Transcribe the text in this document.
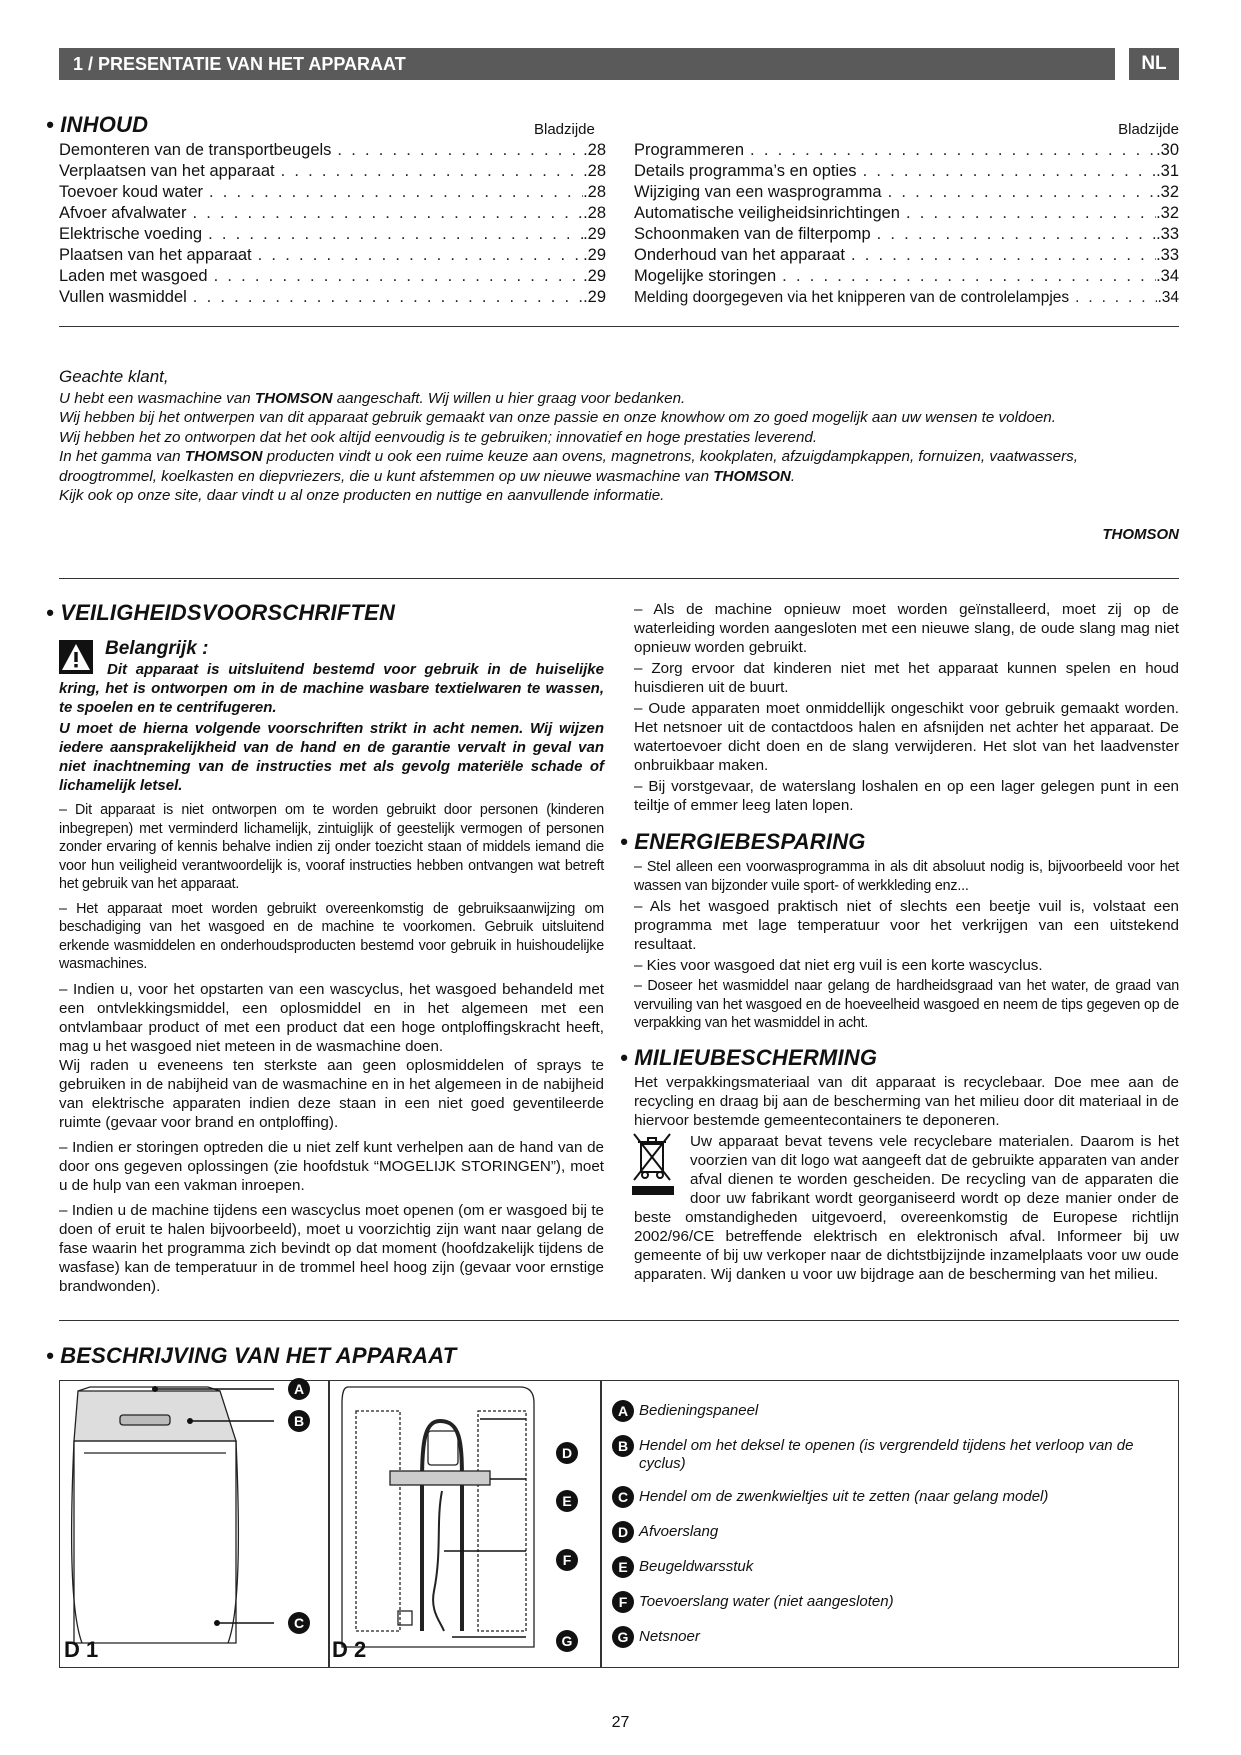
1 / PRESENTATIE VAN HET APPARAAT	NL
• INHOUD	Bladzijde	Bladzijde
Demonteren van de transportbeugels . . .	.28
Verplaatsen van het apparaat . . .	.28
Toevoer koud water . . .	.28
Afvoer afvalwater . . .	.28
Elektrische voeding . . .	.29
Plaatsen van het apparaat . . .	.29
Laden met wasgoed . . .	.29
Vullen wasmiddel . . .	.29
Programmeren . . .	.30
Details programma’s en opties . . .	.31
Wijziging van een wasprogramma . . .	.32
Automatische veiligheidsinrichtingen . . .	.32
Schoonmaken van de filterpomp . . .	.33
Onderhoud van het apparaat . . .	.33
Mogelijke storingen . . .	.34
Melding doorgegeven via het knipperen van de controlelampjes . . .	.34
Geachte klant,

U hebt een wasmachine van THOMSON aangeschaft. Wij willen u hier graag voor bedanken.

Wij hebben bij het ontwerpen van dit apparaat gebruik gemaakt van onze passie en onze knowhow om zo goed mogelijk aan uw wensen te voldoen.

Wij hebben het zo ontworpen dat het ook altijd eenvoudig is te gebruiken; innovatief en hoge prestaties leverend.

In het gamma van THOMSON producten vindt u ook een ruime keuze aan ovens, magnetrons, kookplaten, afzuigdampkappen, fornuizen, vaatwassers, droogtrommel, koelkasten en diepvriezers, die u kunt afstemmen op uw nieuwe wasmachine van THOMSON.

Kijk ook op onze site, daar vindt u al onze producten en nuttige en aanvullende informatie.

THOMSON
• VEILIGHEIDSVOORSCHRIFTEN
Belangrijk :

Dit apparaat is uitsluitend bestemd voor gebruik in de huiselijke kring, het is ontworpen om in de machine wasbare textielwaren te wassen, te spoelen en te centrifugeren.

U moet de hierna volgende voorschriften strikt in acht nemen. Wij wijzen iedere aansprakelijkheid van de hand en de garantie vervalt in geval van niet inachtneming van de instructies met als gevolg materiële schade of lichamelijk letsel.

– Dit apparaat is niet ontworpen om te worden gebruikt door personen (kinderen inbegrepen) met verminderd lichamelijk, zintuiglijk of geestelijk vermogen of personen zonder ervaring of kennis behalve indien zij onder toezicht staan of middels iemand die voor hun veiligheid verantwoordelijk is, vooraf instructies hebben ontvangen wat betreft het gebruik van het apparaat.

– Het apparaat moet worden gebruikt overeenkomstig de gebruiksaanwijzing om beschadiging van het wasgoed en de machine te voorkomen. Gebruik uitsluitend erkende wasmiddelen en onderhoudsproducten bestemd voor gebruik in huishoudelijke wasmachines.

– Indien u, voor het opstarten van een wascyclus, het wasgoed behandeld met een ontvlekkingsmiddel, een oplosmiddel en in het algemeen met een ontvlambaar product of met een product dat een hoge ontploffingskracht heeft, mag u het wasgoed niet meteen in de wasmachine doen.

Wij raden u eveneens ten sterkste aan geen oplosmiddelen of sprays te gebruiken in de nabijheid van de wasmachine en in het algemeen in de nabijheid van elektrische apparaten indien deze staan in een niet goed geventileerde ruimte (gevaar voor brand en ontploffing).

– Indien er storingen optreden die u niet zelf kunt verhelpen aan de hand van de door ons gegeven oplossingen (zie hoofdstuk “MOGELIJK STORINGEN”), moet u de hulp van een vakman inroepen.

– Indien u de machine tijdens een wascyclus moet openen (om er wasgoed bij te doen of eruit te halen bijvoorbeeld), moet u voorzichtig zijn want naar gelang de fase waarin het programma zich bevindt op dat moment (hoofdzakelijk tijdens de wasfase) kan de temperatuur in de trommel heel hoog zijn (gevaar voor ernstige brandwonden).

– Als de machine opnieuw moet worden geïnstalleerd, moet zij op de waterleiding worden aangesloten met een nieuwe slang, de oude slang mag niet opnieuw worden gebruikt.

– Zorg ervoor dat kinderen niet met het apparaat kunnen spelen en houd huisdieren uit de buurt.

– Oude apparaten moet onmiddellijk ongeschikt voor gebruik gemaakt worden. Het netsnoer uit de contactdoos halen en afsnijden net achter het apparaat. De watertoevoer dicht doen en de slang verwijderen. Het slot van het laadvenster onbruikbaar maken.

– Bij vorstgevaar, de waterslang loshalen en op een lager gelegen punt in een teiltje of emmer leeg laten lopen.

• ENERGIEBESPARING

– Stel alleen een voorwasprogramma in als dit absoluut nodig is, bijvoorbeeld voor het wassen van bijzonder vuile sport- of werkkleding enz...

– Als het wasgoed praktisch niet of slechts een beetje vuil is, volstaat een programma met lage temperatuur voor het verkrijgen van een uitstekend resultaat.

– Kies voor wasgoed dat niet erg vuil is een korte wascyclus.

– Doseer het wasmiddel naar gelang de hardheidsgraad van het water, de graad van vervuiling van het wasgoed en de hoeveelheid wasgoed en neem de tips gegeven op de verpakking van het wasmiddel in acht.

• MILIEUBESCHERMING

Het verpakkingsmateriaal van dit apparaat is recyclebaar. Doe mee aan de recycling en draag bij aan de bescherming van het milieu door dit materiaal in de hiervoor bestemde gemeentecontainers te deponeren.

Uw apparaat bevat tevens vele recyclebare materialen. Daarom is het voorzien van dit logo wat aangeeft dat de gebruikte apparaten van ander afval dienen te worden gescheiden. De recycling van de apparaten die door uw fabrikant wordt georganiseerd wordt op deze manier onder de beste omstandigheden uitgevoerd, overeenkomstig de Europese richtlijn 2002/96/CE betreffende elektrisch en elektronisch afval. Informeer bij uw gemeente of bij uw verkoper naar de dichtstbijzijnde inzamelplaats voor uw oude apparaten. Wij danken u voor uw bijdrage aan de bescherming van het milieu.

• BESCHRIJVING VAN HET APPARAAT
D 1
A
B
C
D
E
F
G
D 2
A Bedieningspaneel
B Hendel om het deksel te openen (is vergrendeld tijdens het verloop van de cyclus)
C Hendel om de zwenkwieltjes uit te zetten (naar gelang model)
D Afvoerslang
E Beugeldwarsstuk
F Toevoerslang water (niet aangesloten)
G Netsnoer
27
